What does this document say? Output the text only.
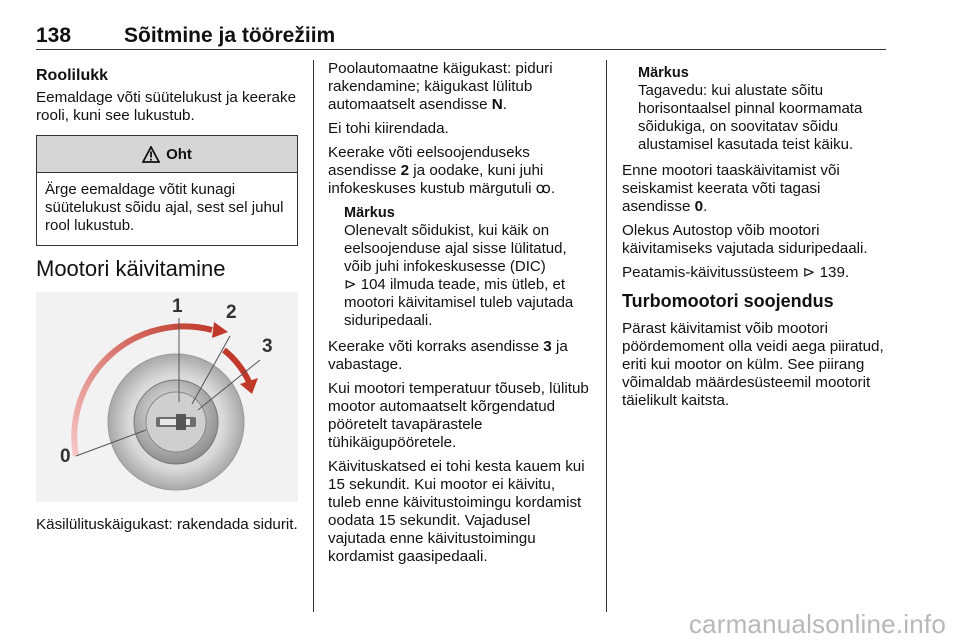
138	Sõitmine ja töörežiim
Roolilukk

Eemaldage võti süütelukust ja keerake rooli, kuni see lukustub.

Oht
Ärge eemaldage võtit kunagi süütelukust sõidu ajal, sest sel juhul rool lukustub.
Mootori käivitamine
0
1 2
3

Käsilülituskäigukast: rakendada sidurit.

Poolautomaatne käigukast: piduri rakendamine; käigukast lülitub automaatselt asendisse N.

Ei tohi kiirendada.

Keerake võti eelsoojenduseks asendisse 2 ja oodake, kuni juhi infokeskuses kustub märgutuli ꝏ.

Märkus

Olenevalt sõidukist, kui käik on eelsoojenduse ajal sisse lülitatud, võib juhi infokeskusesse (DIC)
⊳ 104 ilmuda teade, mis ütleb, et mootori käivitamisel tuleb vajutada siduripedaali.

Keerake võti korraks asendisse 3 ja vabastage.

Kui mootori temperatuur tõuseb, lülitub mootor automaatselt kõrgendatud pööretelt tavapärastele tühikäigupööretele.

Käivituskatsed ei tohi kesta kauem kui 15 sekundit. Kui mootor ei käivitu, tuleb enne käivitustoimingu kordamist oodata 15 sekundit. Vajadusel vajutada enne käivitustoimingu kordamist gaasipedaali.

Märkus

Tagavedu: kui alustate sõitu horisontaalsel pinnal koormamata sõidukiga, on soovitatav sõidu alustamisel kasutada teist käiku.

Enne mootori taaskäivitamist või seiskamist keerata võti tagasi asendisse 0.

Olekus Autostop võib mootori käivitamiseks vajutada siduripedaali.

Peatamis-käivitussüsteem ⊳ 139.

Turbomootori soojendus

Pärast käivitamist võib mootori pöördemoment olla veidi aega piiratud, eriti kui mootor on külm. See piirang võimaldab määrdesüsteemil mootorit täielikult kaitsta.

carmanualsonline.info
